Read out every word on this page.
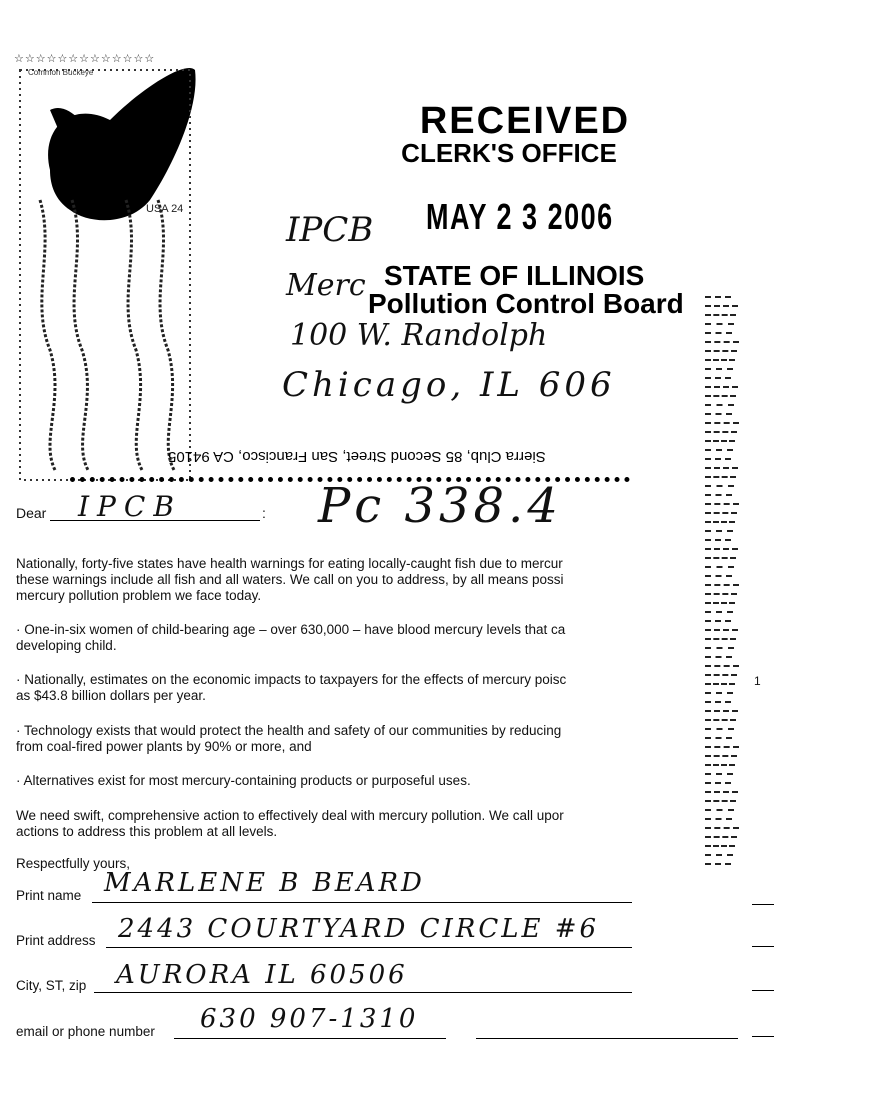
☆☆☆☆☆☆☆☆☆☆☆☆☆
Common Buckeye
USA 24
RECEIVED
CLERK'S OFFICE
MAY 2 3 2006
STATE OF ILLINOIS
Pollution Control Board
IPCB
Merc
100 W. Randolph
Chicago, IL 606
Sierra Club, 85 Second Street, San Francisco, CA 94105
Dear	:
IPCB	Pc 338.4
Nationally, forty-five states have health warnings for eating locally-caught fish due to mercur
these warnings include all fish and all waters. We call on you to address, by all means possi
mercury pollution problem we face today.
· One-in-six women of child-bearing age – over 630,000 – have blood mercury levels that ca
developing child.
· Nationally, estimates on the economic impacts to taxpayers for the effects of mercury poisc
as $43.8 billion dollars per year.
· Technology exists that would protect the health and safety of our communities by reducing
from coal-fired power plants by 90% or more, and
· Alternatives exist for most mercury-containing products or purposeful uses.
We need swift, comprehensive action to effectively deal with mercury pollution. We call upor
actions to address this problem at all levels.
Respectfully yours,
Print name MARLENE B BEARD
Print address 2443 COURTYARD CIRCLE #6
City, ST, zip AURORA IL 60506
email or phone number 630 907-1310
1
